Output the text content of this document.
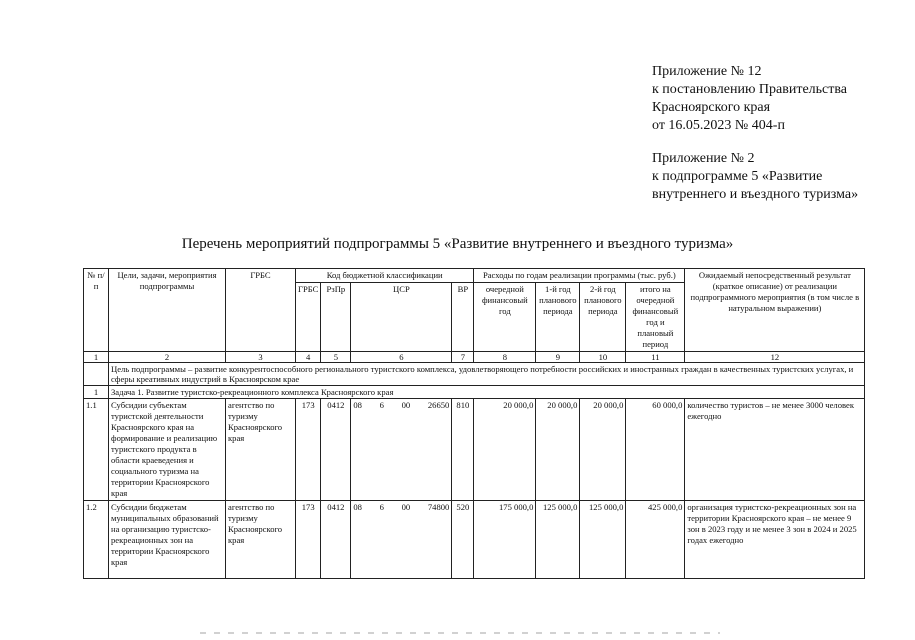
Приложение № 12
к постановлению Правительства
Красноярского края
от 16.05.2023 № 404-п
Приложение № 2
к подпрограмме 5 «Развитие
внутреннего и въездного туризма»
Перечень мероприятий подпрограммы 5 «Развитие внутреннего и въездного туризма»
№ п/п	Цели, задачи, мероприятия подпрограммы	ГРБС	Код бюджетной классификации				Расходы по годам реализации программы (тыс. руб.)				Ожидаемый непосредственный результат (краткое описание) от реализации подпрограммного мероприятия (в том числе в натуральном выражении)
			ГРБС	РзПр	ЦСР	ВР	очередной финансовый год	1-й год планового периода	2-й год планового периода	итого на очередной финансовый год и плановый период	
1	2	3	4	5	6	7	8	9	10	11	12
	Цель подпрограммы – развитие конкурентоспособного регионального туристского комплекса, удовлетворяющего потребности российских и иностранных граждан в качественных туристских услугах, и сферы креативных индустрий в Красноярском крае										
1	Задача 1. Развитие туристско-рекреационного комплекса Красноярского края										
1.1	Субсидии субъектам туристской деятельности Красноярского края на формирование и реализацию туристского продукта в области краеведения и социального туризма на территории Красноярского края	агентство по туризму Красноярского края	173	0412	08 6 00 26650	810	20 000,0	20 000,0	20 000,0	60 000,0	количество туристов – не менее 3000 человек ежегодно
1.2	Субсидии бюджетам муниципальных образований на организацию туристско-рекреационных зон на территории Красноярского края	агентство по туризму Красноярского края	173	0412	08 6 00 74800	520	175 000,0	125 000,0	125 000,0	425 000,0	организация туристско-рекреационных зон на территории Красноярского края – не менее 9 зон в 2023 году и не менее 3 зон в 2024 и 2025 годах ежегодно
